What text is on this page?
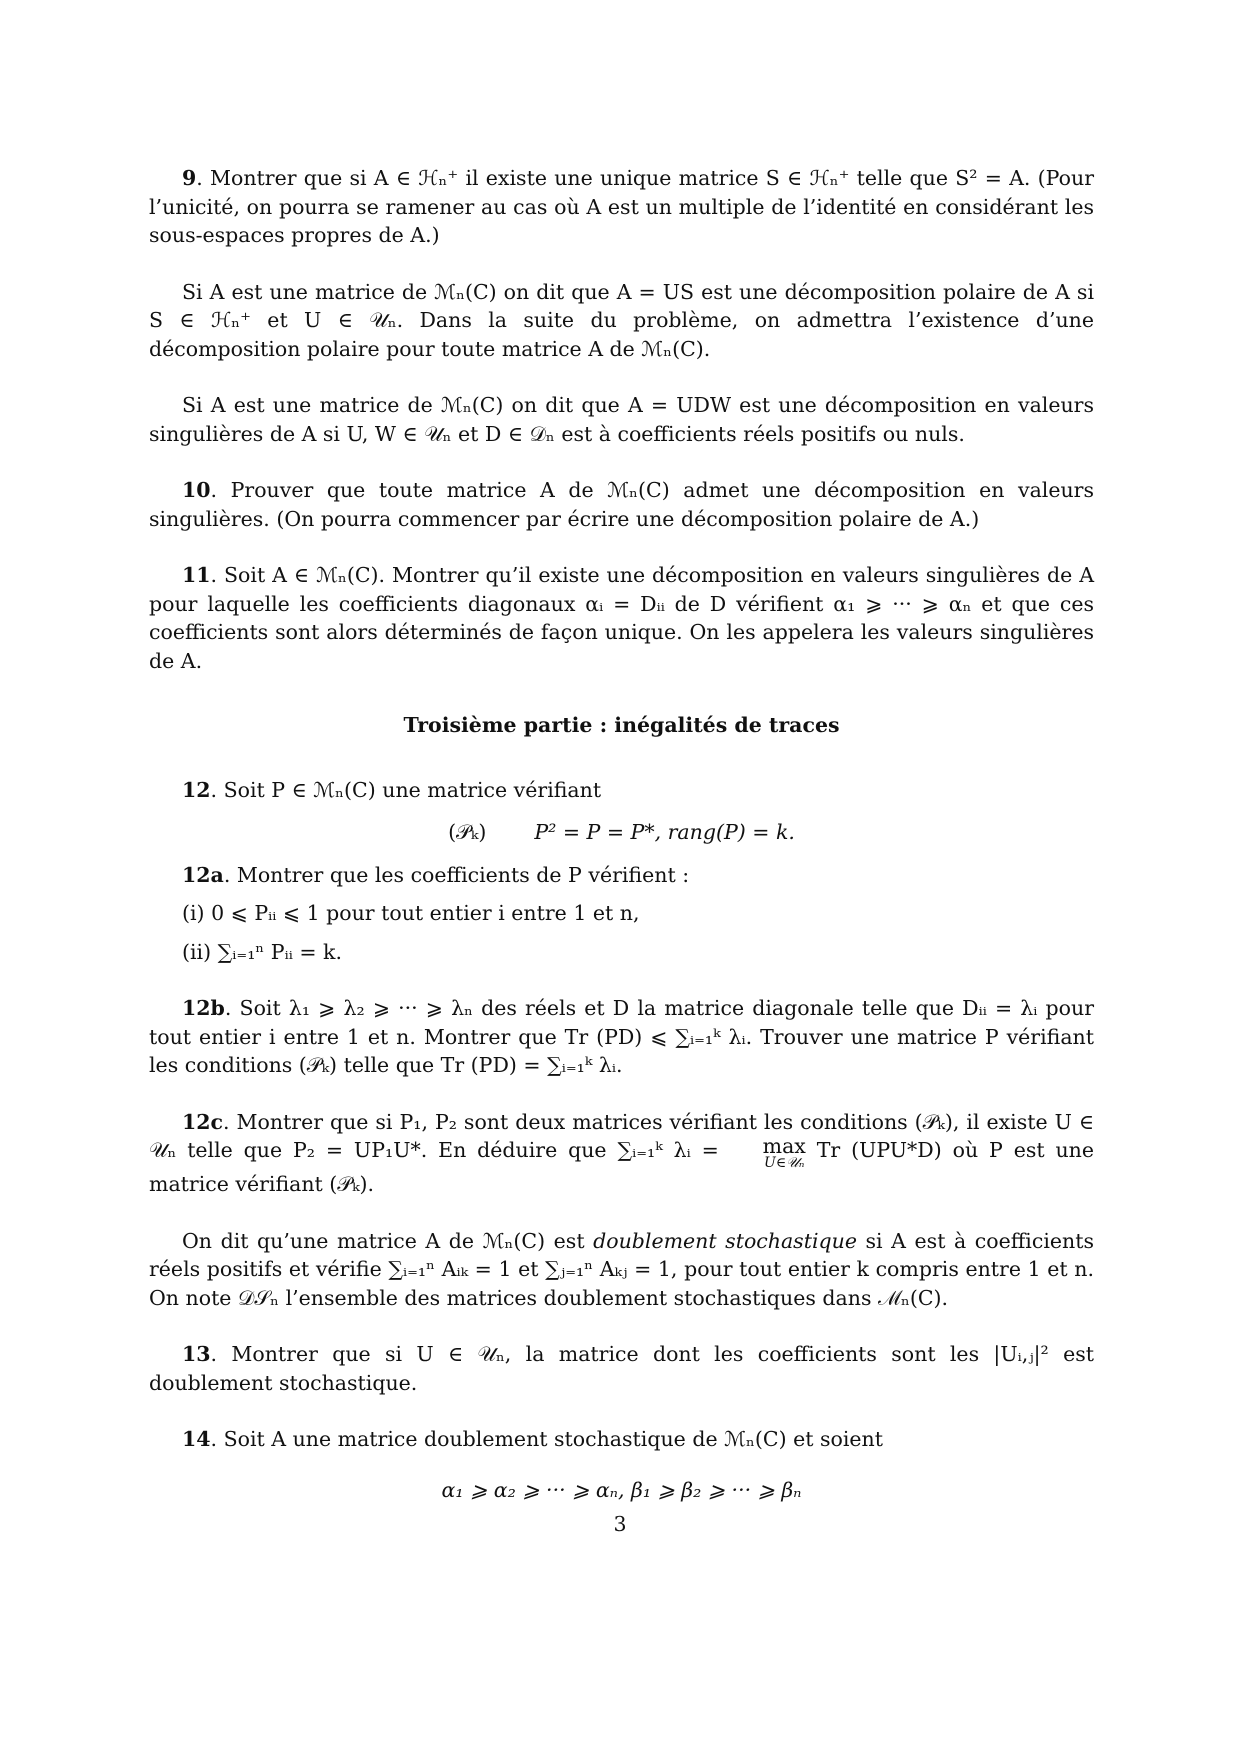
9. Montrer que si A ∈ ℋₙ⁺ il existe une unique matrice S ∈ ℋₙ⁺ telle que S² = A. (Pour l’unicité, on pourra se ramener au cas où A est un multiple de l’identité en considérant les sous-espaces propres de A.)

Si A est une matrice de ℳₙ(C) on dit que A = US est une décomposition polaire de A si S ∈ ℋₙ⁺ et U ∈ 𝒰ₙ. Dans la suite du problème, on admettra l’existence d’une décomposition polaire pour toute matrice A de ℳₙ(C).

Si A est une matrice de ℳₙ(C) on dit que A = UDW est une décomposition en valeurs singulières de A si U, W ∈ 𝒰ₙ et D ∈ 𝒟ₙ est à coefficients réels positifs ou nuls.

10. Prouver que toute matrice A de ℳₙ(C) admet une décomposition en valeurs singulières. (On pourra commencer par écrire une décomposition polaire de A.)

11. Soit A ∈ ℳₙ(C). Montrer qu’il existe une décomposition en valeurs singulières de A pour laquelle les coefficients diagonaux αᵢ = Dᵢᵢ de D vérifient α₁ ⩾ ··· ⩾ αₙ et que ces coefficients sont alors déterminés de façon unique. On les appelera les valeurs singulières de A.

Troisième partie : inégalités de traces

12. Soit P ∈ ℳₙ(C) une matrice vérifiant

(𝒫ₖ) P² = P = P*, rang(P) = k.

12a. Montrer que les coefficients de P vérifient :

(i) 0 ⩽ Pᵢᵢ ⩽ 1 pour tout entier i entre 1 et n,

(ii) ∑ᵢ₌₁ⁿ Pᵢᵢ = k.

12b. Soit λ₁ ⩾ λ₂ ⩾ ··· ⩾ λₙ des réels et D la matrice diagonale telle que Dᵢᵢ = λᵢ pour tout entier i entre 1 et n. Montrer que Tr (PD) ⩽ ∑ᵢ₌₁ᵏ λᵢ. Trouver une matrice P vérifiant les conditions (𝒫ₖ) telle que Tr (PD) = ∑ᵢ₌₁ᵏ λᵢ.

12c. Montrer que si P₁, P₂ sont deux matrices vérifiant les conditions (𝒫ₖ), il existe U ∈ 𝒰ₙ telle que P₂ = UP₁U*. En déduire que ∑ᵢ₌₁ᵏ λᵢ = max
U∈𝒰ₙ
Tr (UPU*D) où P est une matrice vérifiant (𝒫ₖ).

On dit qu’une matrice A de ℳₙ(C) est doublement stochastique si A est à coefficients réels positifs et vérifie ∑ᵢ₌₁ⁿ Aᵢₖ = 1 et ∑ⱼ₌₁ⁿ Aₖⱼ = 1, pour tout entier k compris entre 1 et n. On note 𝒟𝒮ₙ l’ensemble des matrices doublement stochastiques dans ℳₙ(C).

13. Montrer que si U ∈ 𝒰ₙ, la matrice dont les coefficients sont les |Uᵢ,ⱼ|² est doublement stochastique.

14. Soit A une matrice doublement stochastique de ℳₙ(C) et soient

α₁ ⩾ α₂ ⩾ ··· ⩾ αₙ, β₁ ⩾ β₂ ⩾ ··· ⩾ βₙ
3
